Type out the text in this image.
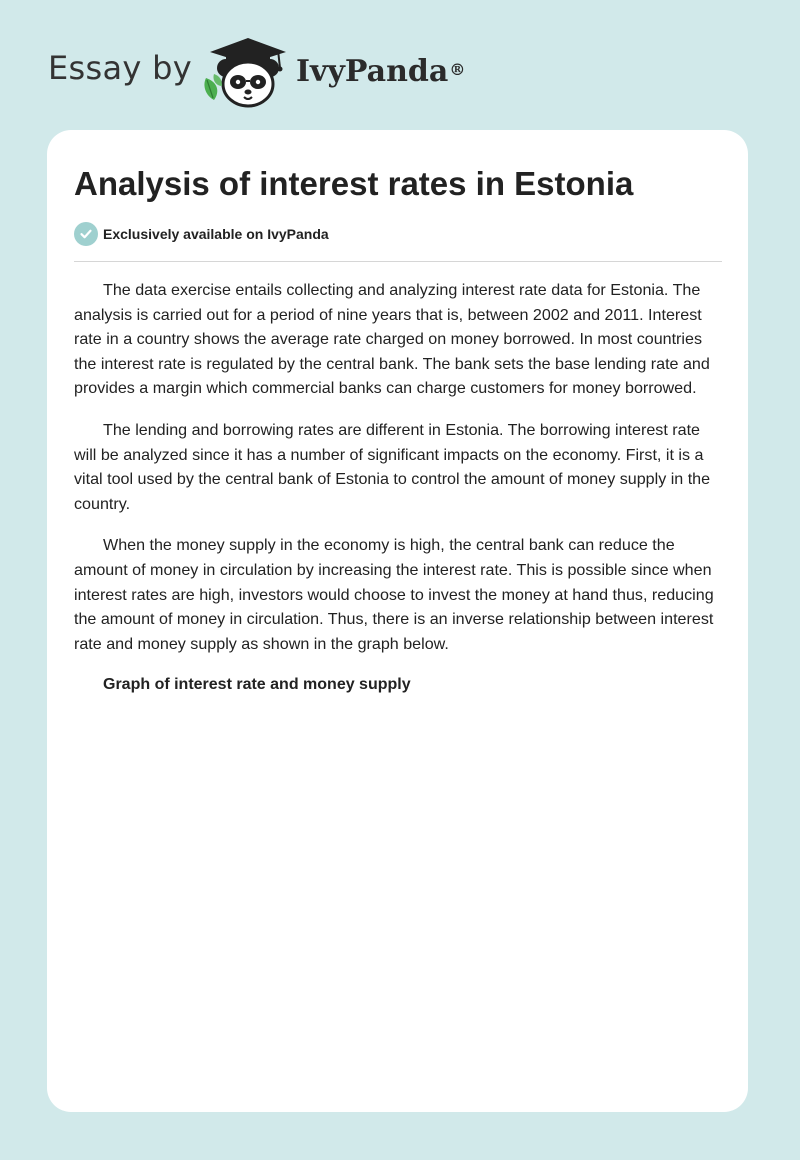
Essay by	IvyPanda®
Analysis of interest rates in Estonia
Exclusively available on IvyPanda

The data exercise entails collecting and analyzing interest rate data for Estonia. The analysis is carried out for a period of nine years that is, between 2002 and 2011. Interest rate in a country shows the average rate charged on money borrowed. In most countries the interest rate is regulated by the central bank. The bank sets the base lending rate and provides a margin which commercial banks can charge customers for money borrowed.

The lending and borrowing rates are different in Estonia. The borrowing interest rate will be analyzed since it has a number of significant impacts on the economy. First, it is a vital tool used by the central bank of Estonia to control the amount of money supply in the country.

When the money supply in the economy is high, the central bank can reduce the amount of money in circulation by increasing the interest rate. This is possible since when interest rates are high, investors would choose to invest the money at hand thus, reducing the amount of money in circulation. Thus, there is an inverse relationship between interest rate and money supply as shown in the graph below.

Graph of interest rate and money supply
